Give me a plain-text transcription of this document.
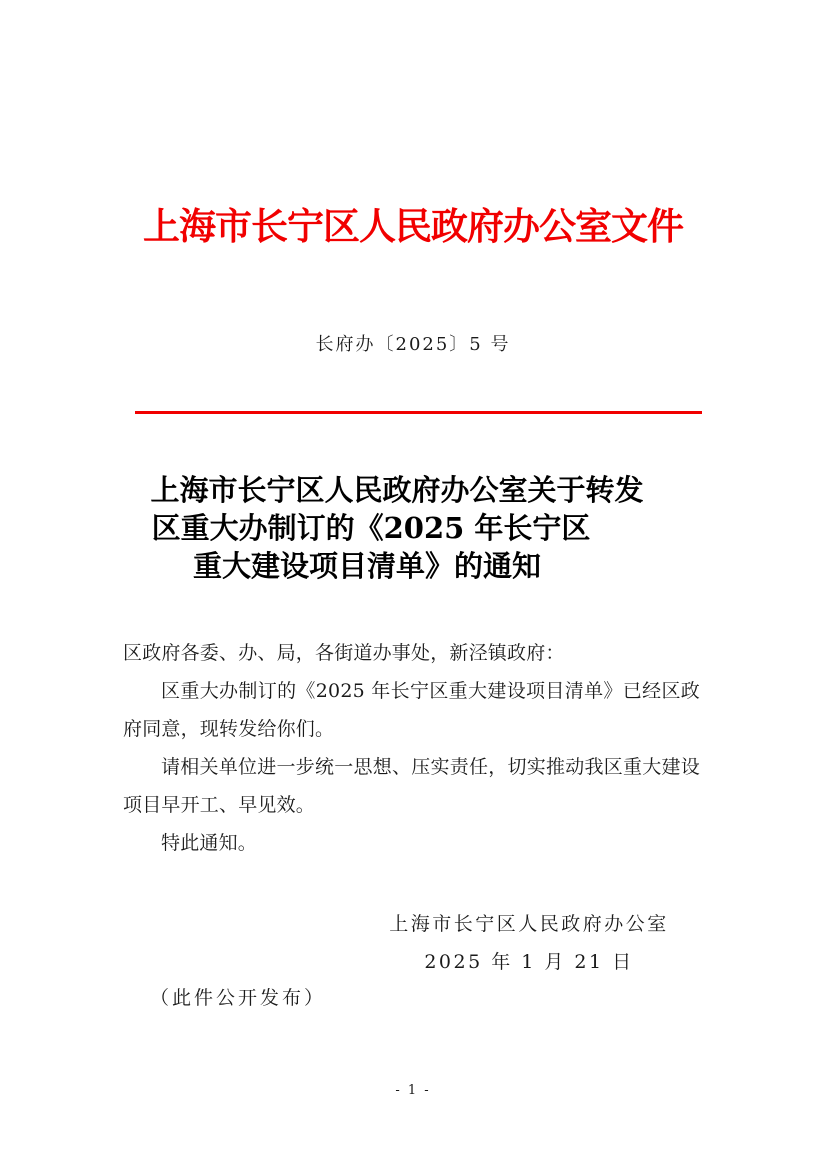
上海市长宁区人民政府办公室文件
长府办〔2025〕5 号
上海市长宁区人民政府办公室关于转发
区重大办制订的《2025 年长宁区
重大建设项目清单》的通知

区政府各委、办、局，各街道办事处，新泾镇政府：

区重大办制订的《2025 年长宁区重大建设项目清单》已经区政府同意，现转发给你们。

请相关单位进一步统一思想、压实责任，切实推动我区重大建设项目早开工、早见效。

特此通知。

上海市长宁区人民政府办公室
2025 年 1 月 21 日
（此件公开发布）
- 1 -
